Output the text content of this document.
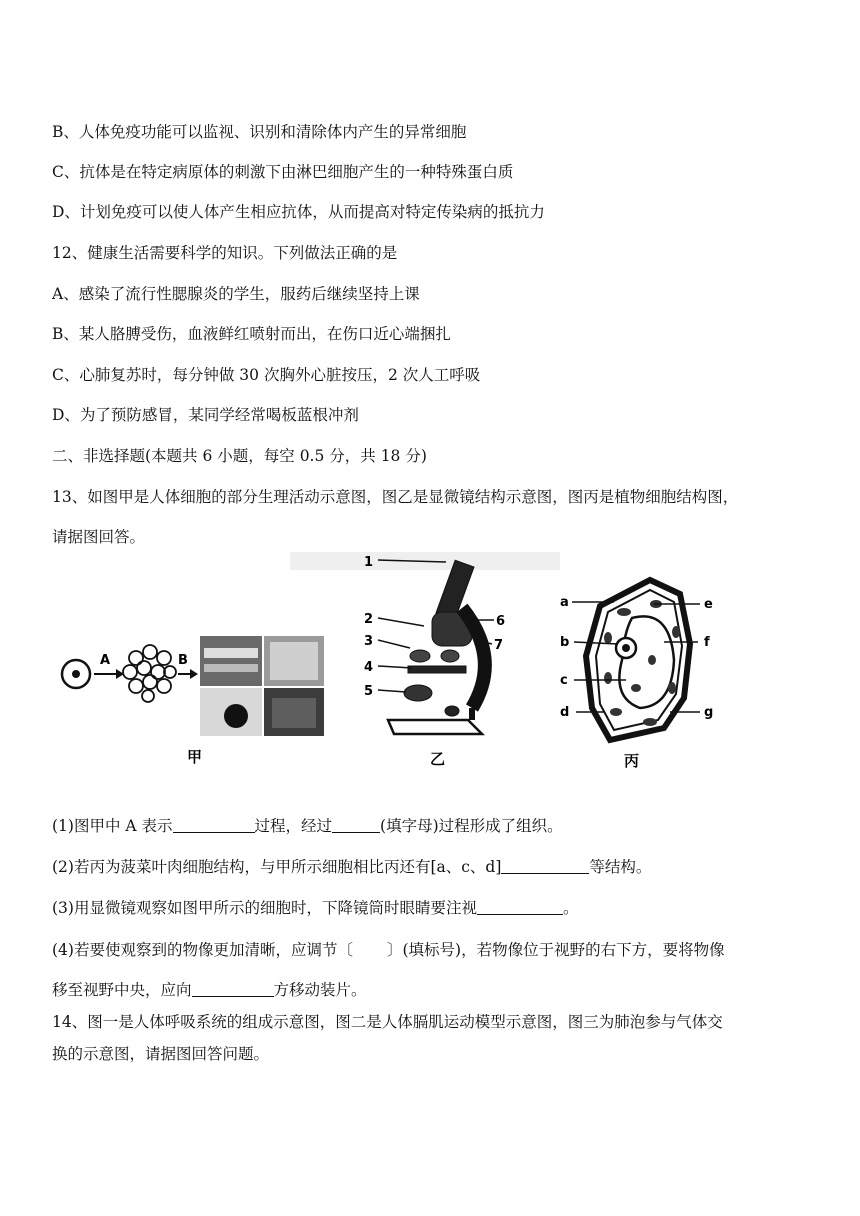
B、人体免疫功能可以监视、识别和清除体内产生的异常细胞
C、抗体是在特定病原体的刺激下由淋巴细胞产生的一种特殊蛋白质
D、计划免疫可以使人体产生相应抗体，从而提高对特定传染病的抵抗力
12、健康生活需要科学的知识。下列做法正确的是
A、感染了流行性腮腺炎的学生，服药后继续坚持上课
B、某人胳膊受伤，血液鲜红喷射而出，在伤口近心端捆扎
C、心肺复苏时，每分钟做 30 次胸外心脏按压，2 次人工呼吸
D、为了预防感冒，某同学经常喝板蓝根冲剂
二、非选择题(本题共 6 小题，每空 0.5 分，共 18 分)
13、如图甲是人体细胞的部分生理活动示意图，图乙是显微镜结构示意图，图丙是植物细胞结构图，
请据图回答。
A	B
甲
1
2
3
4
5
6
7
乙
a
b
c
d
e
f
g
丙
(1)图甲中 A 表示	过程，经过	(填字母)过程形成了组织。
(2)若丙为菠菜叶肉细胞结构，与甲所示细胞相比丙还有[a、c、d]	等结构。
(3)用显微镜观察如图甲所示的细胞时，下降镜筒时眼睛要注视	。
(4)若要使观察到的物像更加清晰，应调节〔 〕(填标号)，若物像位于视野的右下方，要将物像
移至视野中央，应向	方移动装片。
14、图一是人体呼吸系统的组成示意图，图二是人体膈肌运动模型示意图，图三为肺泡参与气体交
换的示意图，请据图回答问题。
